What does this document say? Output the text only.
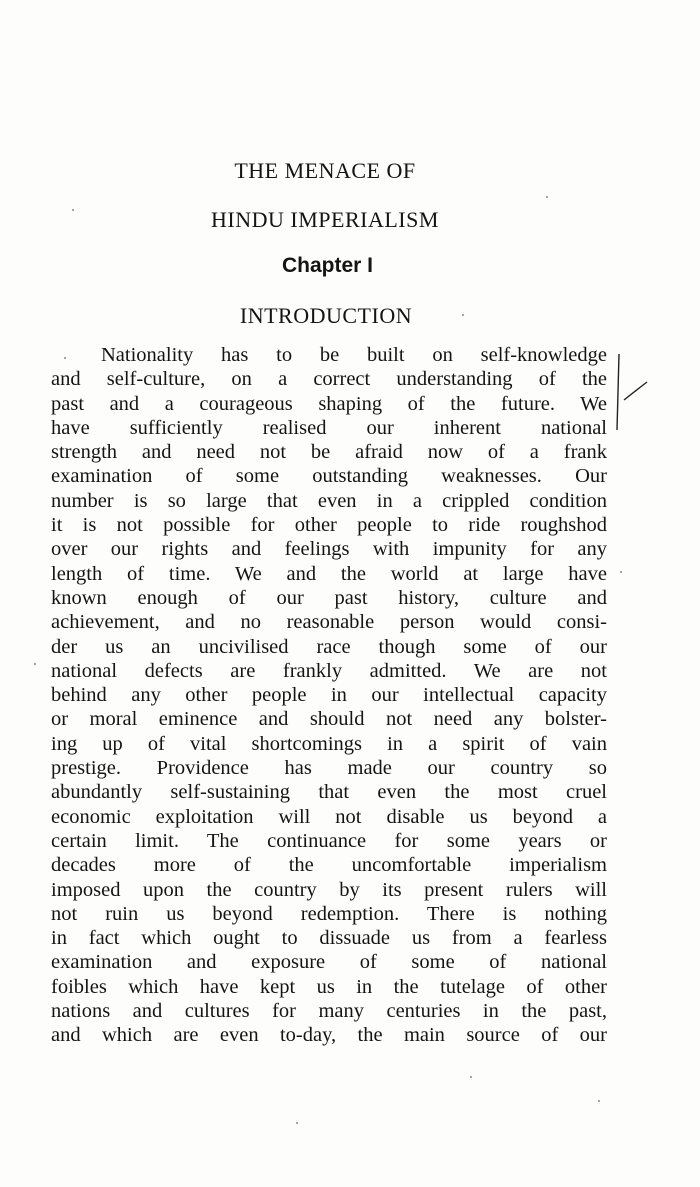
THE MENACE OF
HINDU IMPERIALISM
Chapter I
INTRODUCTION
Nationality has to be built on self-knowledge
and self-culture, on a correct understanding of the
past and a courageous shaping of the future. We
have sufficiently realised our inherent national
strength and need not be afraid now of a frank
examination of some outstanding weaknesses. Our
number is so large that even in a crippled condition
it is not possible for other people to ride roughshod
over our rights and feelings with impunity for any
length of time. We and the world at large have
known enough of our past history, culture and
achievement, and no reasonable person would consi-
der us an uncivilised race though some of our
national defects are frankly admitted. We are not
behind any other people in our intellectual capacity
or moral eminence and should not need any bolster-
ing up of vital shortcomings in a spirit of vain
prestige. Providence has made our country so
abundantly self-sustaining that even the most cruel
economic exploitation will not disable us beyond a
certain limit. The continuance for some years or
decades more of the uncomfortable imperialism
imposed upon the country by its present rulers will
not ruin us beyond redemption. There is nothing
in fact which ought to dissuade us from a fearless
examination and exposure of some of national
foibles which have kept us in the tutelage of other
nations and cultures for many centuries in the past,
and which are even to-day, the main source of our
